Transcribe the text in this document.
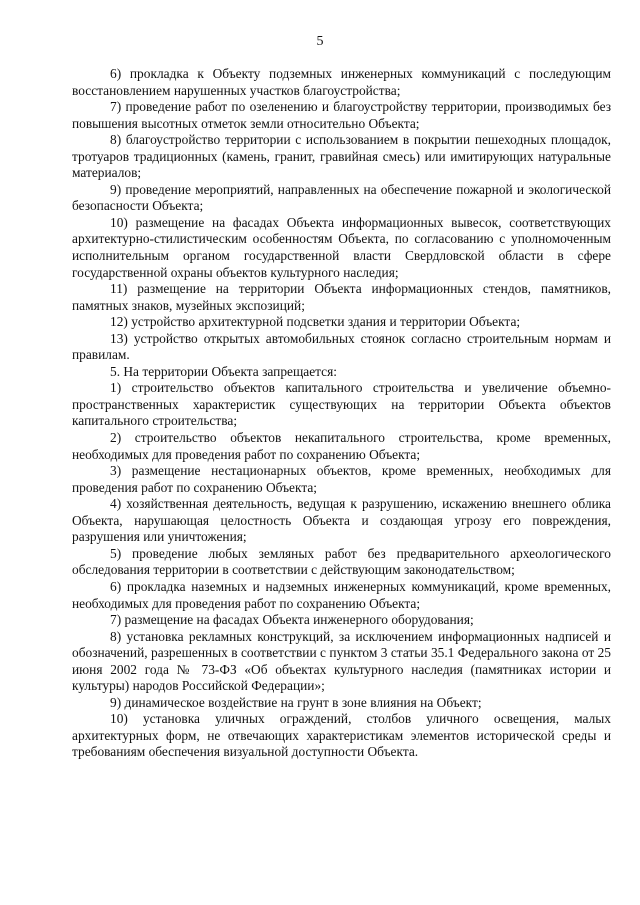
5

6) прокладка к Объекту подземных инженерных коммуникаций с последующим восстановлением нарушенных участков благоустройства;

7) проведение работ по озеленению и благоустройству территории, производимых без повышения высотных отметок земли относительно Объекта;

8) благоустройство территории с использованием в покрытии пешеходных площадок, тротуаров традиционных (камень, гранит, гравийная смесь) или имитирующих натуральные материалов;

9) проведение мероприятий, направленных на обеспечение пожарной и экологической безопасности Объекта;

10) размещение на фасадах Объекта информационных вывесок, соответствующих архитектурно-стилистическим особенностям Объекта, по согласованию с уполномоченным исполнительным органом государственной власти Свердловской области в сфере государственной охраны объектов культурного наследия;

11) размещение на территории Объекта информационных стендов, памятников, памятных знаков, музейных экспозиций;

12) устройство архитектурной подсветки здания и территории Объекта;

13) устройство открытых автомобильных стоянок согласно строительным нормам и правилам.

5. На территории Объекта запрещается:

1) строительство объектов капитального строительства и увеличение объемно-пространственных характеристик существующих на территории Объекта объектов капитального строительства;

2) строительство объектов некапитального строительства, кроме временных, необходимых для проведения работ по сохранению Объекта;

3) размещение нестационарных объектов, кроме временных, необходимых для проведения работ по сохранению Объекта;

4) хозяйственная деятельность, ведущая к разрушению, искажению внешнего облика Объекта, нарушающая целостность Объекта и создающая угрозу его повреждения, разрушения или уничтожения;

5) проведение любых земляных работ без предварительного археологического обследования территории в соответствии с действующим законодательством;

6) прокладка наземных и надземных инженерных коммуникаций, кроме временных, необходимых для проведения работ по сохранению Объекта;

7) размещение на фасадах Объекта инженерного оборудования;

8) установка рекламных конструкций, за исключением информационных надписей и обозначений, разрешенных в соответствии с пунктом 3 статьи 35.1 Федерального закона от 25 июня 2002 года № 73-ФЗ «Об объектах культурного наследия (памятниках истории и культуры) народов Российской Федерации»;

9) динамическое воздействие на грунт в зоне влияния на Объект;

10) установка уличных ограждений, столбов уличного освещения, малых архитектурных форм, не отвечающих характеристикам элементов исторической среды и требованиям обеспечения визуальной доступности Объекта.
